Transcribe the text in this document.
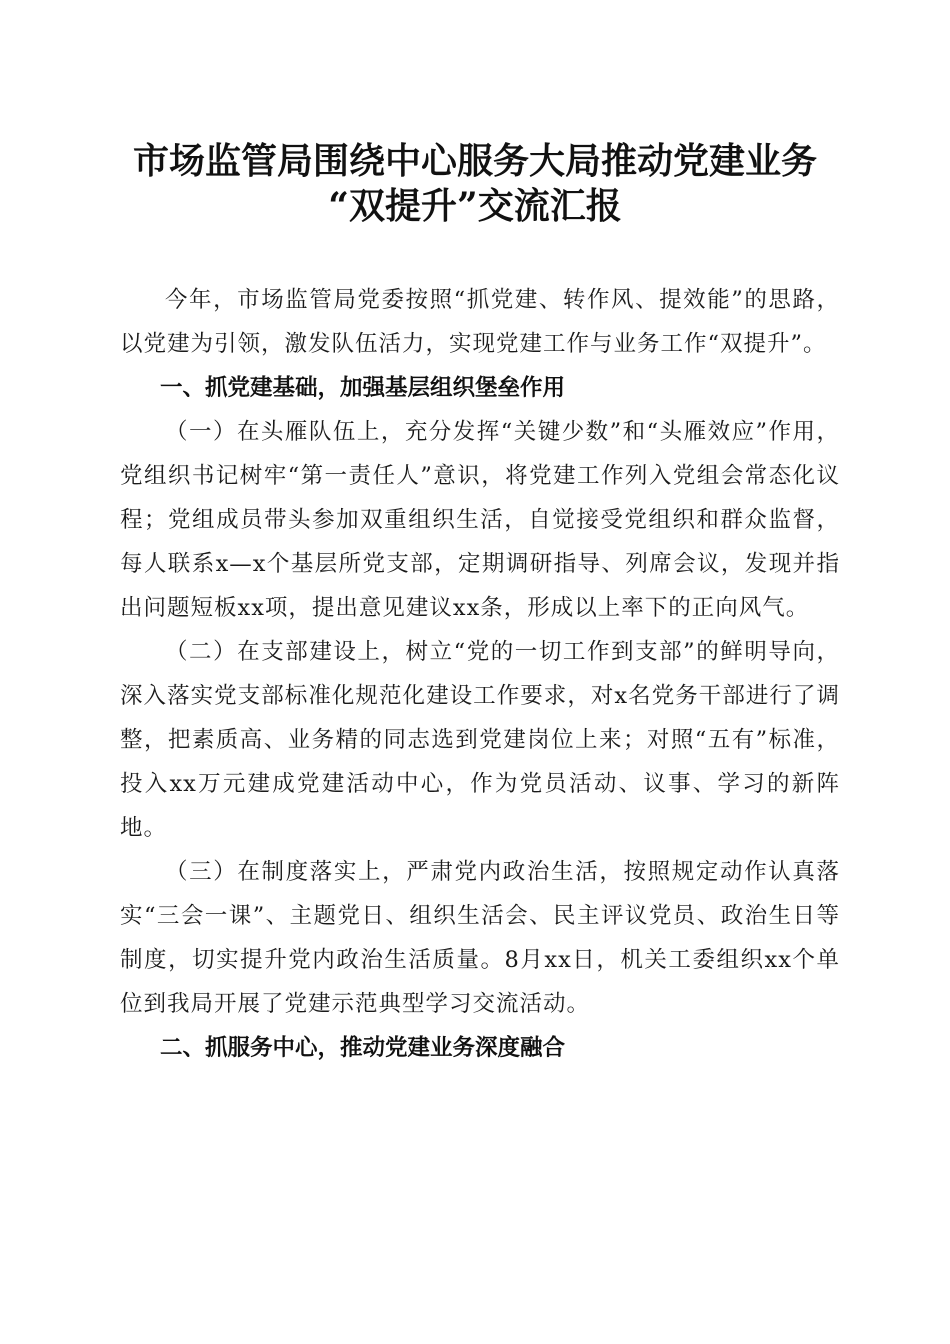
市场监管局围绕中心服务大局推动党建业务
“双提升”交流汇报

今年，市场监管局党委按照“抓党建、转作风、提效能”的思路，以党建为引领，激发队伍活力，实现党建工作与业务工作“双提升”。

一、抓党建基础，加强基层组织堡垒作用

（一）在头雁队伍上，充分发挥“关键少数”和“头雁效应”作用，党组织书记树牢“第一责任人”意识，将党建工作列入党组会常态化议程；党组成员带头参加双重组织生活，自觉接受党组织和群众监督，每人联系x—x个基层所党支部，定期调研指导、列席会议，发现并指出问题短板xx项，提出意见建议xx条，形成以上率下的正向风气。

（二）在支部建设上，树立“党的一切工作到支部”的鲜明导向，深入落实党支部标准化规范化建设工作要求，对x名党务干部进行了调整，把素质高、业务精的同志选到党建岗位上来；对照“五有”标准，投入xx万元建成党建活动中心，作为党员活动、议事、学习的新阵地。

（三）在制度落实上，严肃党内政治生活，按照规定动作认真落实“三会一课”、主题党日、组织生活会、民主评议党员、政治生日等制度，切实提升党内政治生活质量。8月xx日，机关工委组织xx个单位到我局开展了党建示范典型学习交流活动。

二、抓服务中心，推动党建业务深度融合
